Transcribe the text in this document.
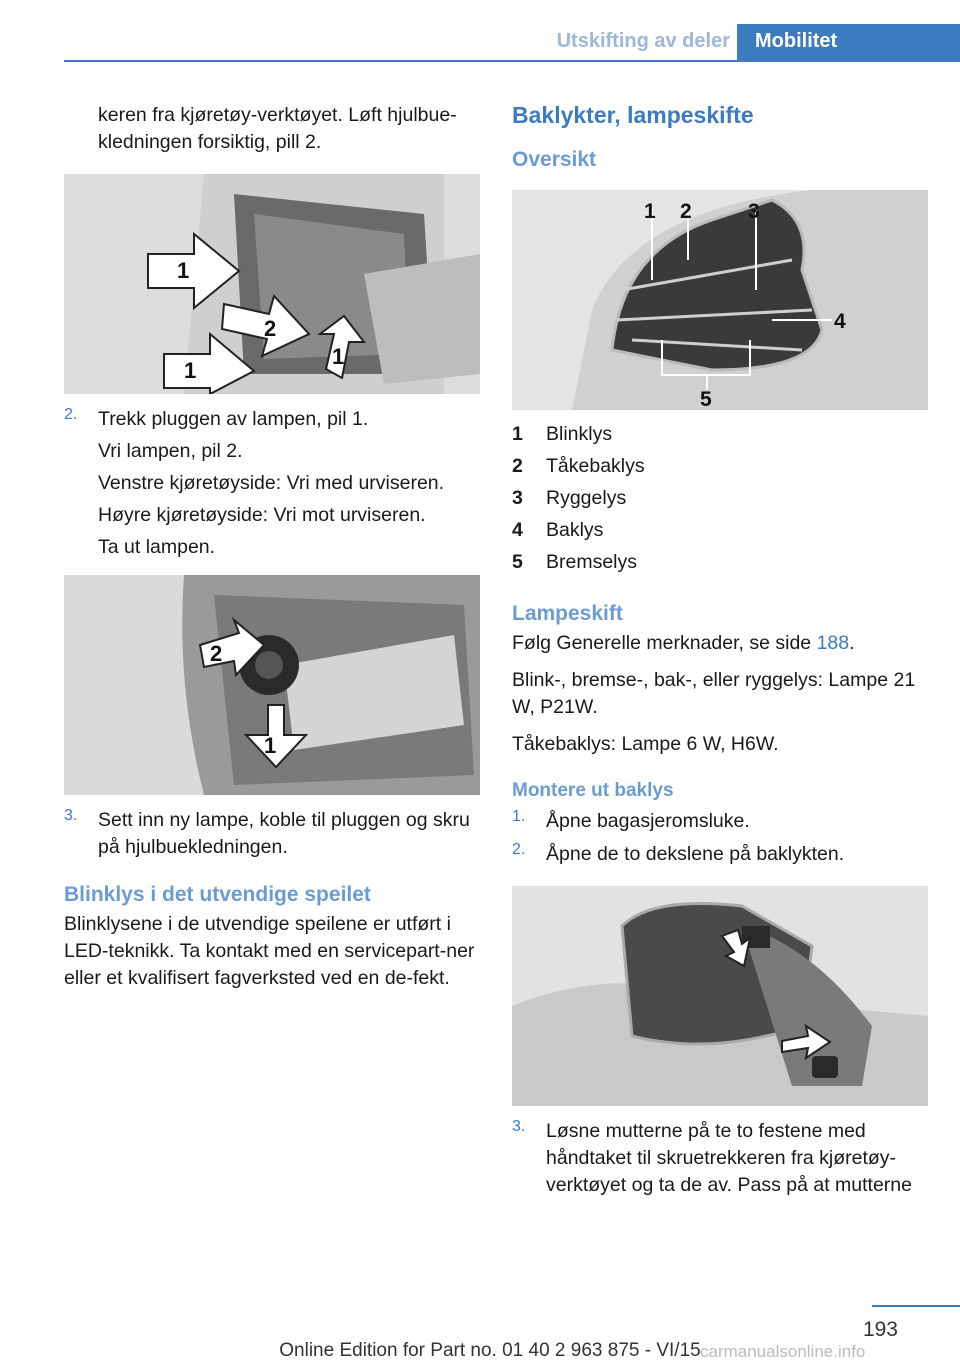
Utskifting av deler	Mobilitet

keren fra kjøretøy-verktøyet. Løft hjulbue-kledningen forsiktig, pill 2.

1
2
1
1
2.	Trekk pluggen av lampen, pil 1.

Vri lampen, pil 2.

Venstre kjøretøyside: Vri med urviseren.

Høyre kjøretøyside: Vri mot urviseren.

Ta ut lampen.

2
1
3.	Sett inn ny lampe, koble til pluggen og skru på hjulbuekledningen.

Blinklys i det utvendige speilet

Blinklysene i de utvendige speilene er utført i LED-teknikk. Ta kontakt med en servicepart-ner eller et kvalifisert fagverksted ved en de-fekt.

Baklykter, lampeskifte
Oversikt
1 2	3
4
5
1	Blinklys
2	Tåkebaklys
3	Ryggelys
4	Baklys
5	Bremselys
Lampeskift

Følg Generelle merknader, se side 188.

Blink-, bremse-, bak-, eller ryggelys: Lampe 21 W, P21W.

Tåkebaklys: Lampe 6 W, H6W.

Montere ut baklys
1.	Åpne bagasjeromsluke.

2.	Åpne de to dekslene på baklykten.

3.	Løsne mutterne på te to festene med håndtaket til skruetrekkeren fra kjøretøy-verktøyet og ta de av. Pass på at mutterne

193
Online Edition for Part no. 01 40 2 963 875 - VI/15 carmanualsonline.info
